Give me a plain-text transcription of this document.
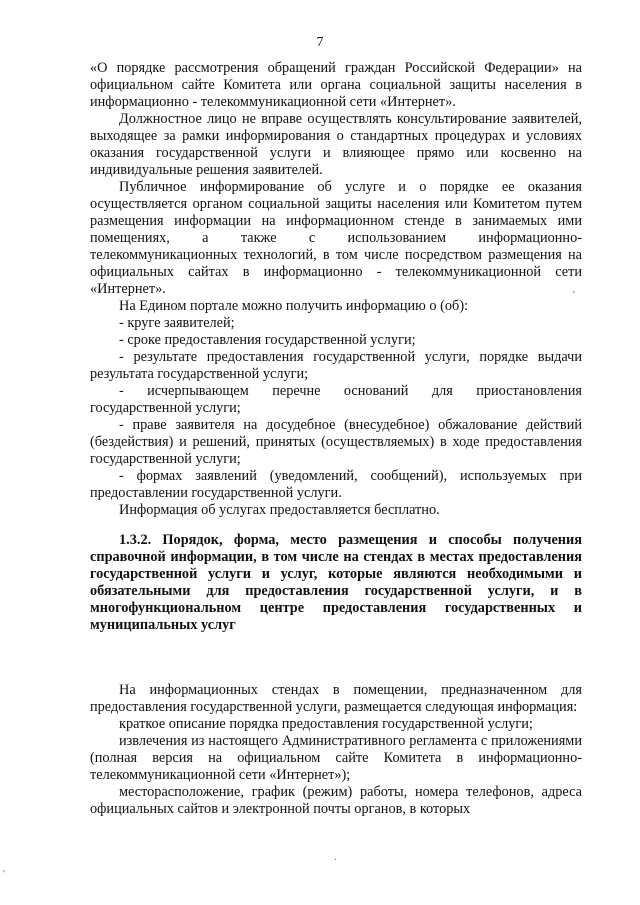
7

«О порядке рассмотрения обращений граждан Российской Федерации» на официальном сайте Комитета или органа социальной защиты населения в информационно - телекоммуникационной сети «Интернет».

Должностное лицо не вправе осуществлять консультирование заявителей, выходящее за рамки информирования о стандартных процедурах и условиях оказания государственной услуги и влияющее прямо или косвенно на индивидуальные решения заявителей.

Публичное информирование об услуге и о порядке ее оказания осуществляется органом социальной защиты населения или Комитетом путем размещения информации на информационном стенде в занимаемых ими помещениях, а также с использованием информационно-телекоммуникационных технологий, в том числе посредством размещения на официальных сайтах в информационно - телекоммуникационной сети «Интернет».

На Едином портале можно получить информацию о (об):

- круге заявителей;

- сроке предоставления государственной услуги;

- результате предоставления государственной услуги, порядке выдачи результата государственной услуги;

- исчерпывающем перечне оснований для приостановления государственной услуги;

- праве заявителя на досудебное (внесудебное) обжалование действий (бездействия) и решений, принятых (осуществляемых) в ходе предоставления государственной услуги;

- формах заявлений (уведомлений, сообщений), используемых при предоставлении государственной услуги.

Информация об услугах предоставляется бесплатно.

1.3.2. Порядок, форма, место размещения и способы получения справочной информации, в том числе на стендах в местах предоставления государственной услуги и услуг, которые являются необходимыми и обязательными для предоставления государственной услуги, и в многофункциональном центре предоставления государственных и муниципальных услуг

На информационных стендах в помещении, предназначенном для предоставления государственной услуги, размещается следующая информация:

краткое описание порядка предоставления государственной услуги;

извлечения из настоящего Административного регламента с приложениями (полная версия на официальном сайте Комитета в информационно-телекоммуникационной сети «Интернет»);

месторасположение, график (режим) работы, номера телефонов, адреса официальных сайтов и электронной почты органов, в которых

'
.
'
